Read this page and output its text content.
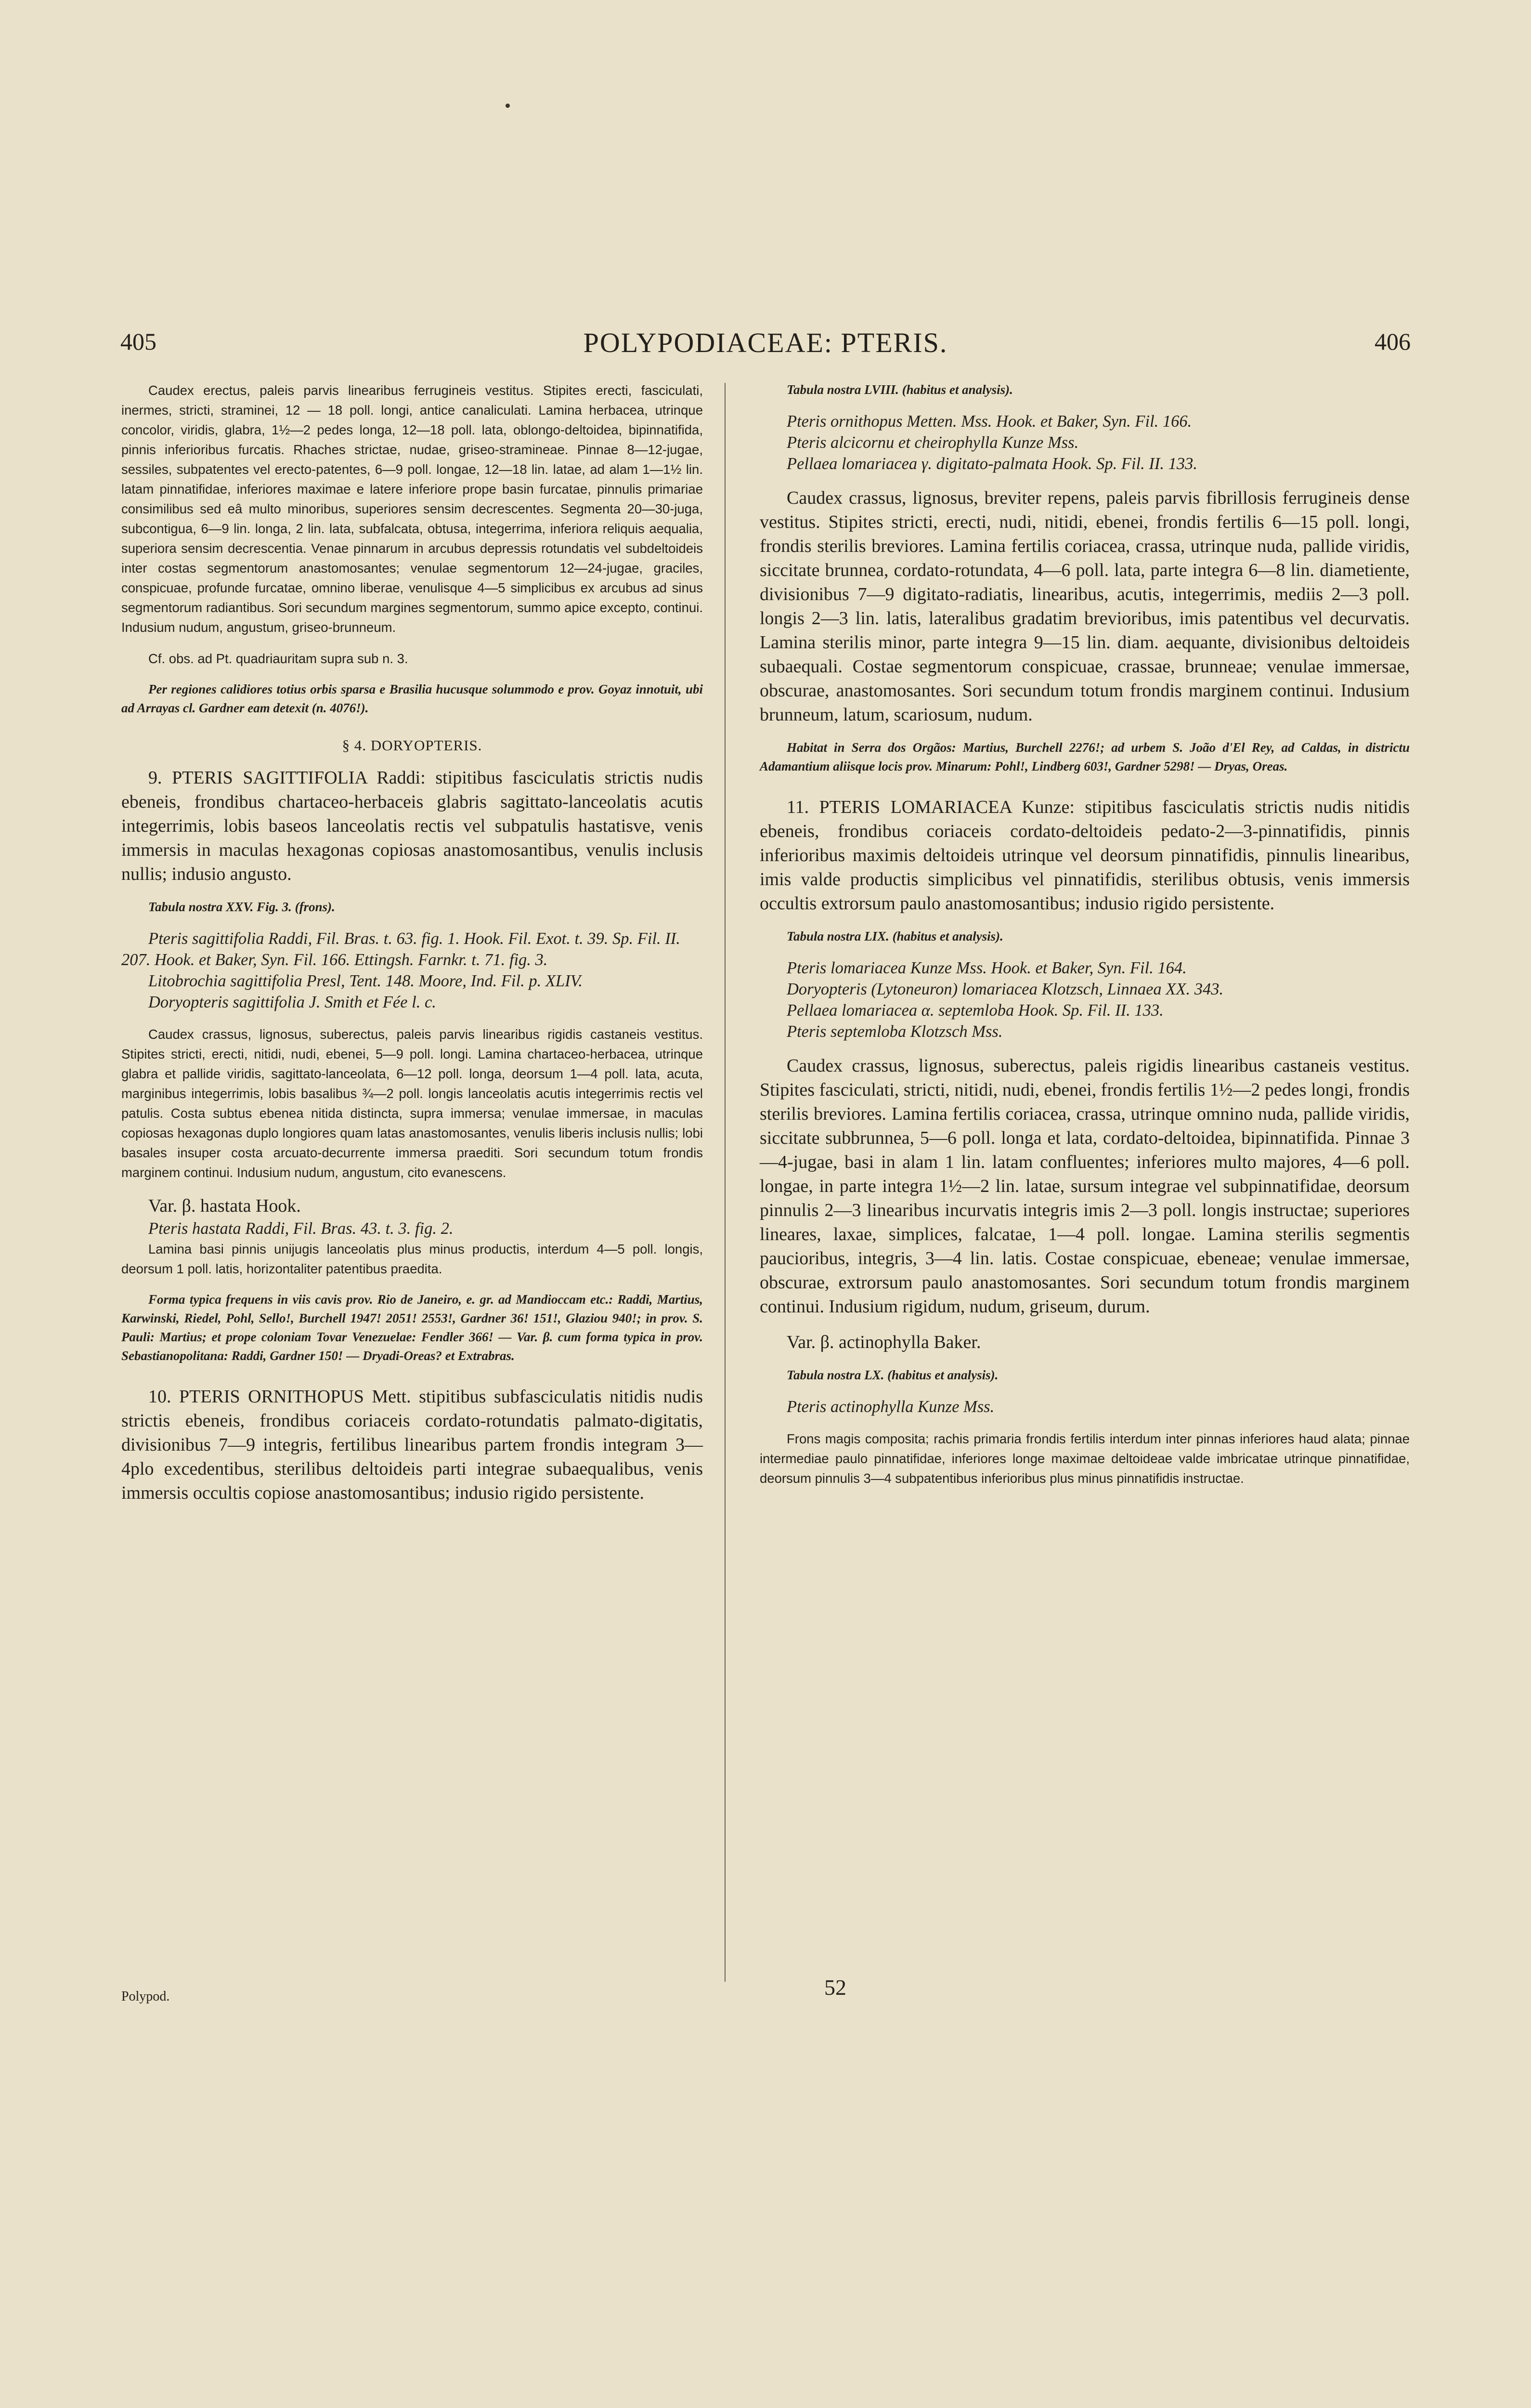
405	POLYPODIACEAE: PTERIS.	406

Caudex erectus, paleis parvis linearibus ferrugineis vestitus. Stipites erecti, fasciculati, inermes, stricti, straminei, 12 — 18 poll. longi, antice canaliculati. Lamina herbacea, utrinque concolor, viridis, glabra, 1½—2 pedes longa, 12—18 poll. lata, oblongo-deltoidea, bipinnatifida, pinnis inferioribus furcatis. Rhaches strictae, nudae, griseo-stramineae. Pinnae 8—12-jugae, sessiles, subpatentes vel erecto-patentes, 6—9 poll. longae, 12—18 lin. latae, ad alam 1—1½ lin. latam pinnatifidae, inferiores maximae e latere inferiore prope basin furcatae, pinnulis primariae consimilibus sed eâ multo minoribus, superiores sensim decrescentes. Segmenta 20—30-juga, subcontigua, 6—9 lin. longa, 2 lin. lata, subfalcata, obtusa, integerrima, inferiora reliquis aequalia, superiora sensim decrescentia. Venae pinnarum in arcubus depressis rotundatis vel subdeltoideis inter costas segmentorum anastomosantes; venulae segmentorum 12—24-jugae, graciles, conspicuae, profunde furcatae, omnino liberae, venulisque 4—5 simplicibus ex arcubus ad sinus segmentorum radiantibus. Sori secundum margines segmentorum, summo apice excepto, continui. Indusium nudum, angustum, griseo-brunneum.

Cf. obs. ad Pt. quadriauritam supra sub n. 3.

Per regiones calidiores totius orbis sparsa e Brasilia hucusque solummodo e prov. Goyaz innotuit, ubi ad Arrayas cl. Gardner eam detexit (n. 4076!).

§ 4. DORYOPTERIS.

9. PTERIS SAGITTIFOLIA Raddi: stipitibus fasciculatis strictis nudis ebeneis, frondibus chartaceo-herbaceis glabris sagittato-lanceolatis acutis integerrimis, lobis baseos lanceolatis rectis vel subpatulis hastatisve, venis immersis in maculas hexagonas copiosas anastomosantibus, venulis inclusis nullis; indusio angusto.

Tabula nostra XXV. Fig. 3. (frons).

Pteris sagittifolia Raddi, Fil. Bras. t. 63. fig. 1. Hook. Fil. Exot. t. 39. Sp. Fil. II. 207. Hook. et Baker, Syn. Fil. 166. Ettingsh. Farnkr. t. 71. fig. 3.

Litobrochia sagittifolia Presl, Tent. 148. Moore, Ind. Fil. p. XLIV.

Doryopteris sagittifolia J. Smith et Fée l. c.

Caudex crassus, lignosus, suberectus, paleis parvis linearibus rigidis castaneis vestitus. Stipites stricti, erecti, nitidi, nudi, ebenei, 5—9 poll. longi. Lamina chartaceo-herbacea, utrinque glabra et pallide viridis, sagittato-lanceolata, 6—12 poll. longa, deorsum 1—4 poll. lata, acuta, marginibus integerrimis, lobis basalibus ¾—2 poll. longis lanceolatis acutis integerrimis rectis vel patulis. Costa subtus ebenea nitida distincta, supra immersa; venulae immersae, in maculas copiosas hexagonas duplo longiores quam latas anastomosantes, venulis liberis inclusis nullis; lobi basales insuper costa arcuato-decurrente immersa praediti. Sori secundum totum frondis marginem continui. Indusium nudum, angustum, cito evanescens.

Var. β. hastata Hook.

Pteris hastata Raddi, Fil. Bras. 43. t. 3. fig. 2.

Lamina basi pinnis unijugis lanceolatis plus minus productis, interdum 4—5 poll. longis, deorsum 1 poll. latis, horizontaliter patentibus praedita.

Forma typica frequens in viis cavis prov. Rio de Janeiro, e. gr. ad Mandioccam etc.: Raddi, Martius, Karwinski, Riedel, Pohl, Sello!, Burchell 1947! 2051! 2553!, Gardner 36! 151!, Glaziou 940!; in prov. S. Pauli: Martius; et prope coloniam Tovar Venezuelae: Fendler 366! — Var. β. cum forma typica in prov. Sebastianopolitana: Raddi, Gardner 150! — Dryadi-Oreas? et Extrabras.

10. PTERIS ORNITHOPUS Mett. stipitibus subfasciculatis nitidis nudis strictis ebeneis, frondibus coriaceis cordato-rotundatis palmato-digitatis, divisionibus 7—9 integris, fertilibus linearibus partem frondis integram 3—4plo excedentibus, sterilibus deltoideis parti integrae subaequalibus, venis immersis occultis copiose anastomosantibus; indusio rigido persistente.

Polypod.

Tabula nostra LVIII. (habitus et analysis).

Pteris ornithopus Metten. Mss. Hook. et Baker, Syn. Fil. 166.

Pteris alcicornu et cheirophylla Kunze Mss.

Pellaea lomariacea γ. digitato-palmata Hook. Sp. Fil. II. 133.

Caudex crassus, lignosus, breviter repens, paleis parvis fibrillosis ferrugineis dense vestitus. Stipites stricti, erecti, nudi, nitidi, ebenei, frondis fertilis 6—15 poll. longi, frondis sterilis breviores. Lamina fertilis coriacea, crassa, utrinque nuda, pallide viridis, siccitate brunnea, cordato-rotundata, 4—6 poll. lata, parte integra 6—8 lin. diametiente, divisionibus 7—9 digitato-radiatis, linearibus, acutis, integerrimis, mediis 2—3 poll. longis 2—3 lin. latis, lateralibus gradatim brevioribus, imis patentibus vel decurvatis. Lamina sterilis minor, parte integra 9—15 lin. diam. aequante, divisionibus deltoideis subaequali. Costae segmentorum conspicuae, crassae, brunneae; venulae immersae, obscurae, anastomosantes. Sori secundum totum frondis marginem continui. Indusium brunneum, latum, scariosum, nudum.

Habitat in Serra dos Orgãos: Martius, Burchell 2276!; ad urbem S. João d'El Rey, ad Caldas, in districtu Adamantium aliisque locis prov. Minarum: Pohl!, Lindberg 603!, Gardner 5298! — Dryas, Oreas.

11. PTERIS LOMARIACEA Kunze: stipitibus fasciculatis strictis nudis nitidis ebeneis, frondibus coriaceis cordato-deltoideis pedato-2—3-pinnatifidis, pinnis inferioribus maximis deltoideis utrinque vel deorsum pinnatifidis, pinnulis linearibus, imis valde productis simplicibus vel pinnatifidis, sterilibus obtusis, venis immersis occultis extrorsum paulo anastomosantibus; indusio rigido persistente.

Tabula nostra LIX. (habitus et analysis).

Pteris lomariacea Kunze Mss. Hook. et Baker, Syn. Fil. 164.

Doryopteris (Lytoneuron) lomariacea Klotzsch, Linnaea XX. 343.

Pellaea lomariacea α. septemloba Hook. Sp. Fil. II. 133.

Pteris septemloba Klotzsch Mss.

Caudex crassus, lignosus, suberectus, paleis rigidis linearibus castaneis vestitus. Stipites fasciculati, stricti, nitidi, nudi, ebenei, frondis fertilis 1½—2 pedes longi, frondis sterilis breviores. Lamina fertilis coriacea, crassa, utrinque omnino nuda, pallide viridis, siccitate subbrunnea, 5—6 poll. longa et lata, cordato-deltoidea, bipinnatifida. Pinnae 3—4-jugae, basi in alam 1 lin. latam confluentes; inferiores multo majores, 4—6 poll. longae, in parte integra 1½—2 lin. latae, sursum integrae vel subpinnatifidae, deorsum pinnulis 2—3 linearibus incurvatis integris imis 2—3 poll. longis instructae; superiores lineares, laxae, simplices, falcatae, 1—4 poll. longae. Lamina sterilis segmentis paucioribus, integris, 3—4 lin. latis. Costae conspicuae, ebeneae; venulae immersae, obscurae, extrorsum paulo anastomosantes. Sori secundum totum frondis marginem continui. Indusium rigidum, nudum, griseum, durum.

Var. β. actinophylla Baker.

Tabula nostra LX. (habitus et analysis).

Pteris actinophylla Kunze Mss.

Frons magis composita; rachis primaria frondis fertilis interdum inter pinnas inferiores haud alata; pinnae intermediae paulo pinnatifidae, inferiores longe maximae deltoideae valde imbricatae utrinque pinnatifidae, deorsum pinnulis 3—4 subpatentibus inferioribus plus minus pinnatifidis instructae.

52
